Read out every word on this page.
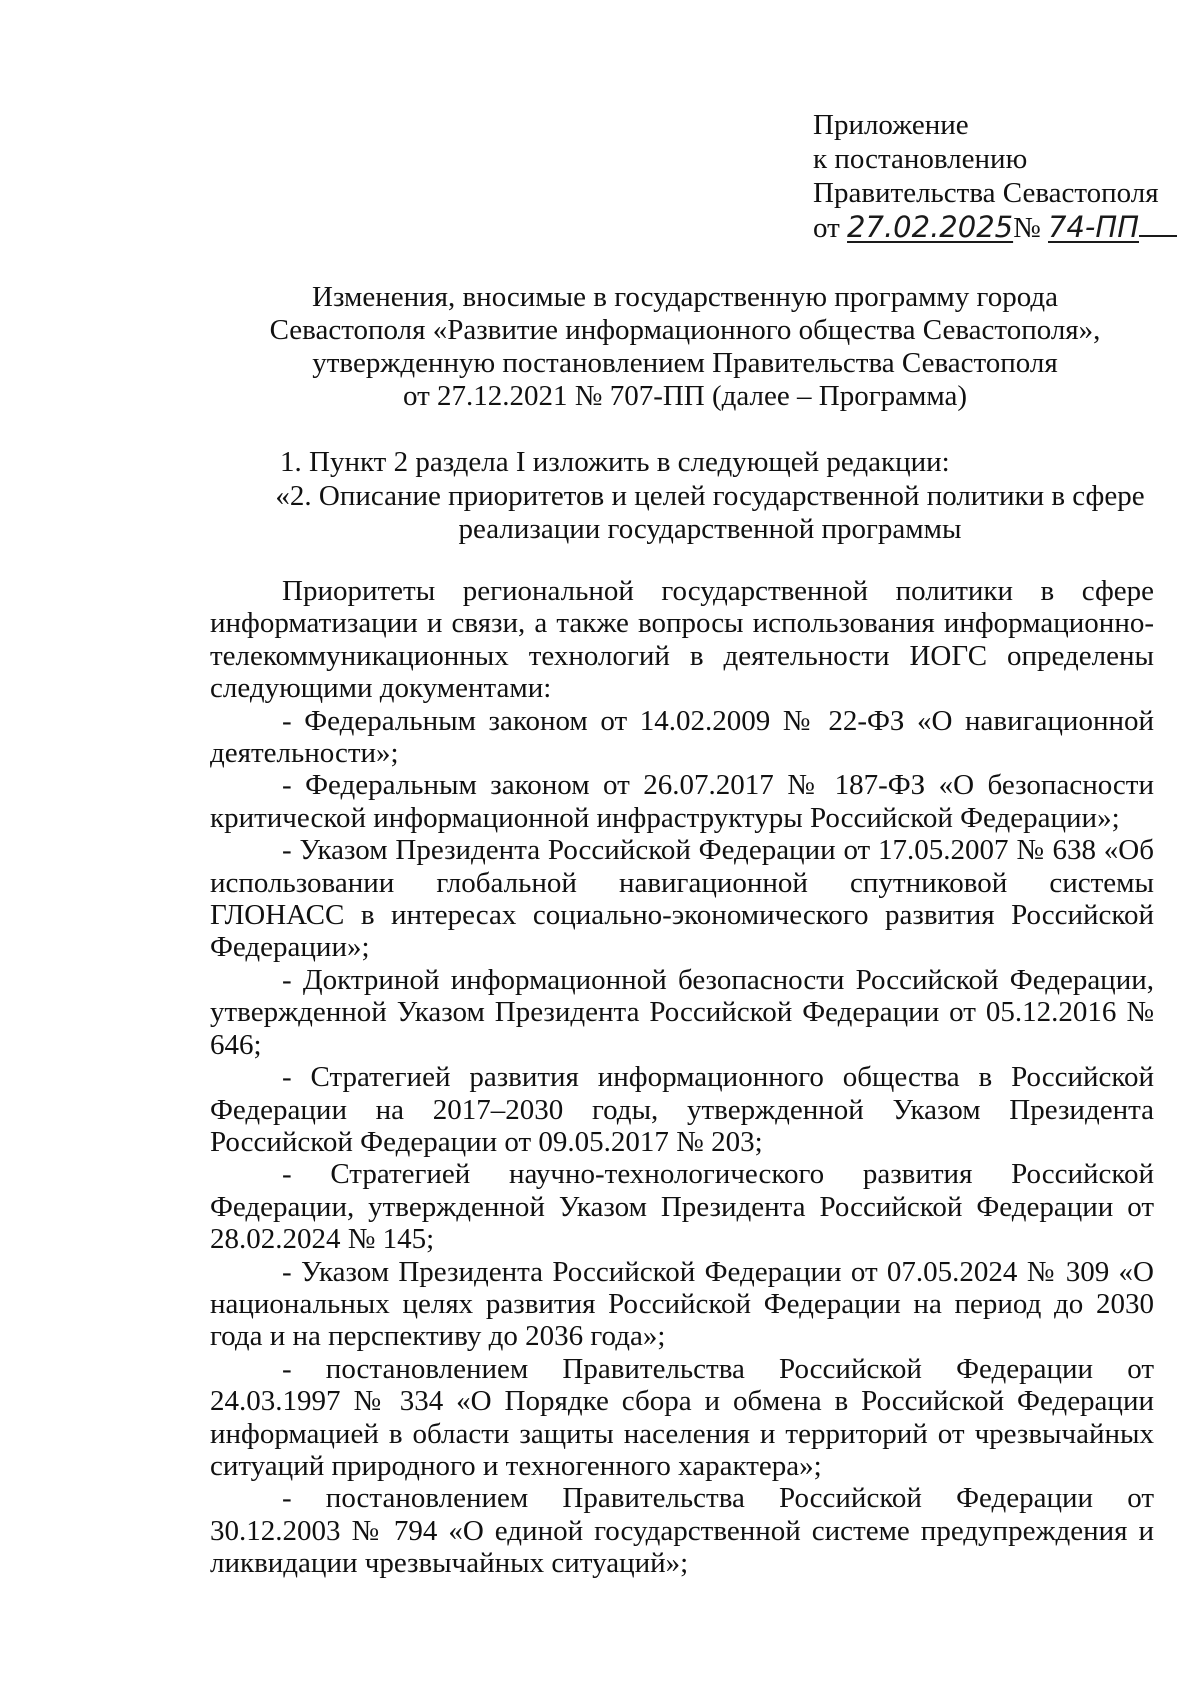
Приложение
к постановлению
Правительства Севастополя
от 27.02.2025№ 74-ПП
Изменения, вносимые в государственную программу города
Севастополя «Развитие информационного общества Севастополя»,
утвержденную постановлением Правительства Севастополя
от 27.12.2021 № 707-ПП (далее – Программа)
1. Пункт 2 раздела I изложить в следующей редакции:
«2. Описание приоритетов и целей государственной политики в сфере
реализации государственной программы

Приоритеты региональной государственной политики в сфере информатизации и связи, а также вопросы использования информационно-телекоммуникационных технологий в деятельности ИОГС определены следующими документами:

- Федеральным законом от 14.02.2009 № 22-ФЗ «О навигационной деятельности»;

- Федеральным законом от 26.07.2017 № 187-ФЗ «О безопасности критической информационной инфраструктуры Российской Федерации»;

- Указом Президента Российской Федерации от 17.05.2007 № 638 «Об использовании глобальной навигационной спутниковой системы ГЛОНАСС в интересах социально-экономического развития Российской Федерации»;

- Доктриной информационной безопасности Российской Федерации, утвержденной Указом Президента Российской Федерации от 05.12.2016 № 646;

- Стратегией развития информационного общества в Российской Федерации на 2017–2030 годы, утвержденной Указом Президента Российской Федерации от 09.05.2017 № 203;

- Стратегией научно-технологического развития Российской Федерации, утвержденной Указом Президента Российской Федерации от 28.02.2024 № 145;

- Указом Президента Российской Федерации от 07.05.2024 № 309 «О национальных целях развития Российской Федерации на период до 2030 года и на перспективу до 2036 года»;

- постановлением Правительства Российской Федерации от 24.03.1997 № 334 «О Порядке сбора и обмена в Российской Федерации информацией в области защиты населения и территорий от чрезвычайных ситуаций природного и техногенного характера»;

- постановлением Правительства Российской Федерации от 30.12.2003 № 794 «О единой государственной системе предупреждения и ликвидации чрезвычайных ситуаций»;
